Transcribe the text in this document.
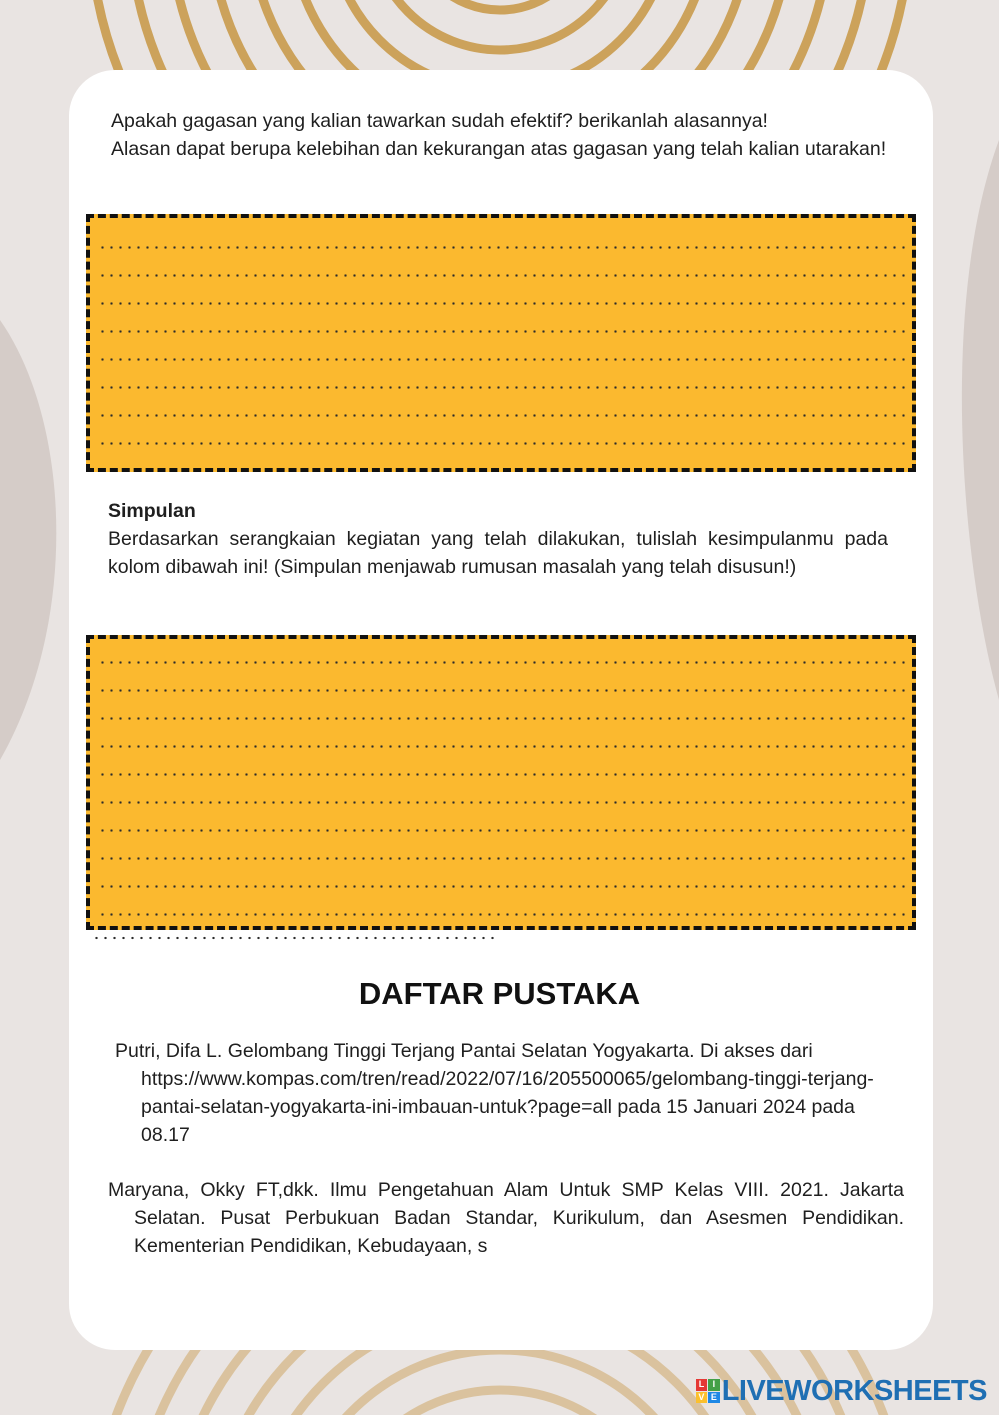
Apakah gagasan yang kalian tawarkan sudah efektif? berikanlah alasannya!
Alasan dapat berupa kelebihan dan kekurangan atas gagasan yang telah kalian utarakan!

Simpulan

Berdasarkan serangkaian kegiatan yang telah dilakukan, tulislah kesimpulanmu pada kolom dibawah ini! (Simpulan menjawab rumusan masalah yang telah disusun!)

DAFTAR PUSTAKA

Putri, Difa L. Gelombang Tinggi Terjang Pantai Selatan Yogyakarta. Di akses dari https://www.kompas.com/tren/read/2022/07/16/205500065/gelombang-tinggi-terjang-pantai-selatan-yogyakarta-ini-imbauan-untuk?page=all pada 15 Januari 2024 pada 08.17

Maryana, Okky FT,dkk. Ilmu Pengetahuan Alam Untuk SMP Kelas VIII. 2021. Jakarta Selatan. Pusat Perbukuan Badan Standar, Kurikulum, dan Asesmen Pendidikan. Kementerian Pendidikan, Kebudayaan, s

L I
V E LIVEWORKSHEETS
